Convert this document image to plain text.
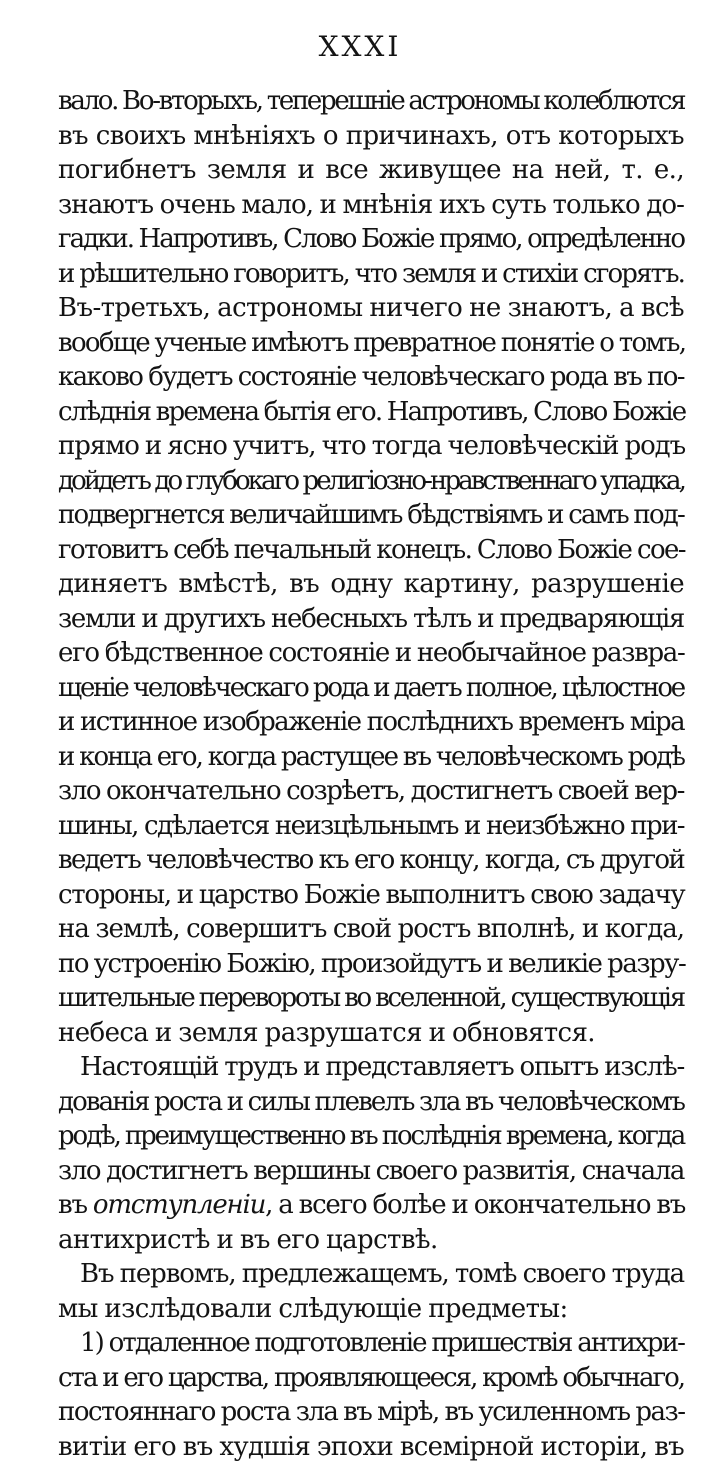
XXXI
вало. Во-вторыхъ, теперешніе астрономы колеблются
въ своихъ мнѣніяхъ о причинахъ, отъ которыхъ
погибнетъ земля и все живущее на ней, т. е.,
знаютъ очень мало, и мнѣнія ихъ суть только до-
гадки. Напротивъ, Слово Божіе прямо, опредѣленно
и рѣшительно говоритъ, что земля и стихіи сгорятъ.
Въ-третьхъ, астрономы ничего не знаютъ, а всѣ
вообще ученые имѣютъ превратное понятіе о томъ,
каково будетъ состояніе человѣческаго рода въ по-
слѣднія времена бытія его. Напротивъ, Слово Божіе
прямо и ясно учитъ, что тогда человѣческій родъ
дойдетъ до глубокаго религіозно-нравственнаго упадка,
подвергнется величайшимъ бѣдствіямъ и самъ под-
готовитъ себѣ печальный конецъ. Слово Божіе сое-
диняетъ вмѣстѣ, въ одну картину, разрушеніе
земли и другихъ небесныхъ тѣлъ и предваряющія
его бѣдственное состояніе и необычайное развра-
щеніе человѣческаго рода и даетъ полное, цѣлостное
и истинное изображеніе послѣднихъ временъ міра
и конца его, когда растущее въ человѣческомъ родѣ
зло окончательно созрѣетъ, достигнетъ своей вер-
шины, сдѣлается неизцѣльнымъ и неизбѣжно при-
ведетъ человѣчество къ его концу, когда, съ другой
стороны, и царство Божіе выполнитъ свою задачу
на землѣ, совершитъ свой ростъ вполнѣ, и когда,
по устроенію Божію, произойдутъ и великіе разру-
шительные перевороты во вселенной, существующія
небеса и земля разрушатся и обновятся.
Настоящій трудъ и представляетъ опытъ изслѣ-
дованія роста и силы плевелъ зла въ человѣческомъ
родѣ, преимущественно въ послѣднія времена, когда
зло достигнетъ вершины своего развитія, сначала
въ отступленіи, а всего болѣе и окончательно въ
антихристѣ и въ его царствѣ.
Въ первомъ, предлежащемъ, томѣ своего труда
мы изслѣдовали слѣдующіе предметы:
1) отдаленное подготовленіе пришествія антихри-
ста и его царства, проявляющееся, кромѣ обычнаго,
постояннаго роста зла въ мірѣ, въ усиленномъ раз-
витіи его въ худшія эпохи всемірной исторіи, въ
